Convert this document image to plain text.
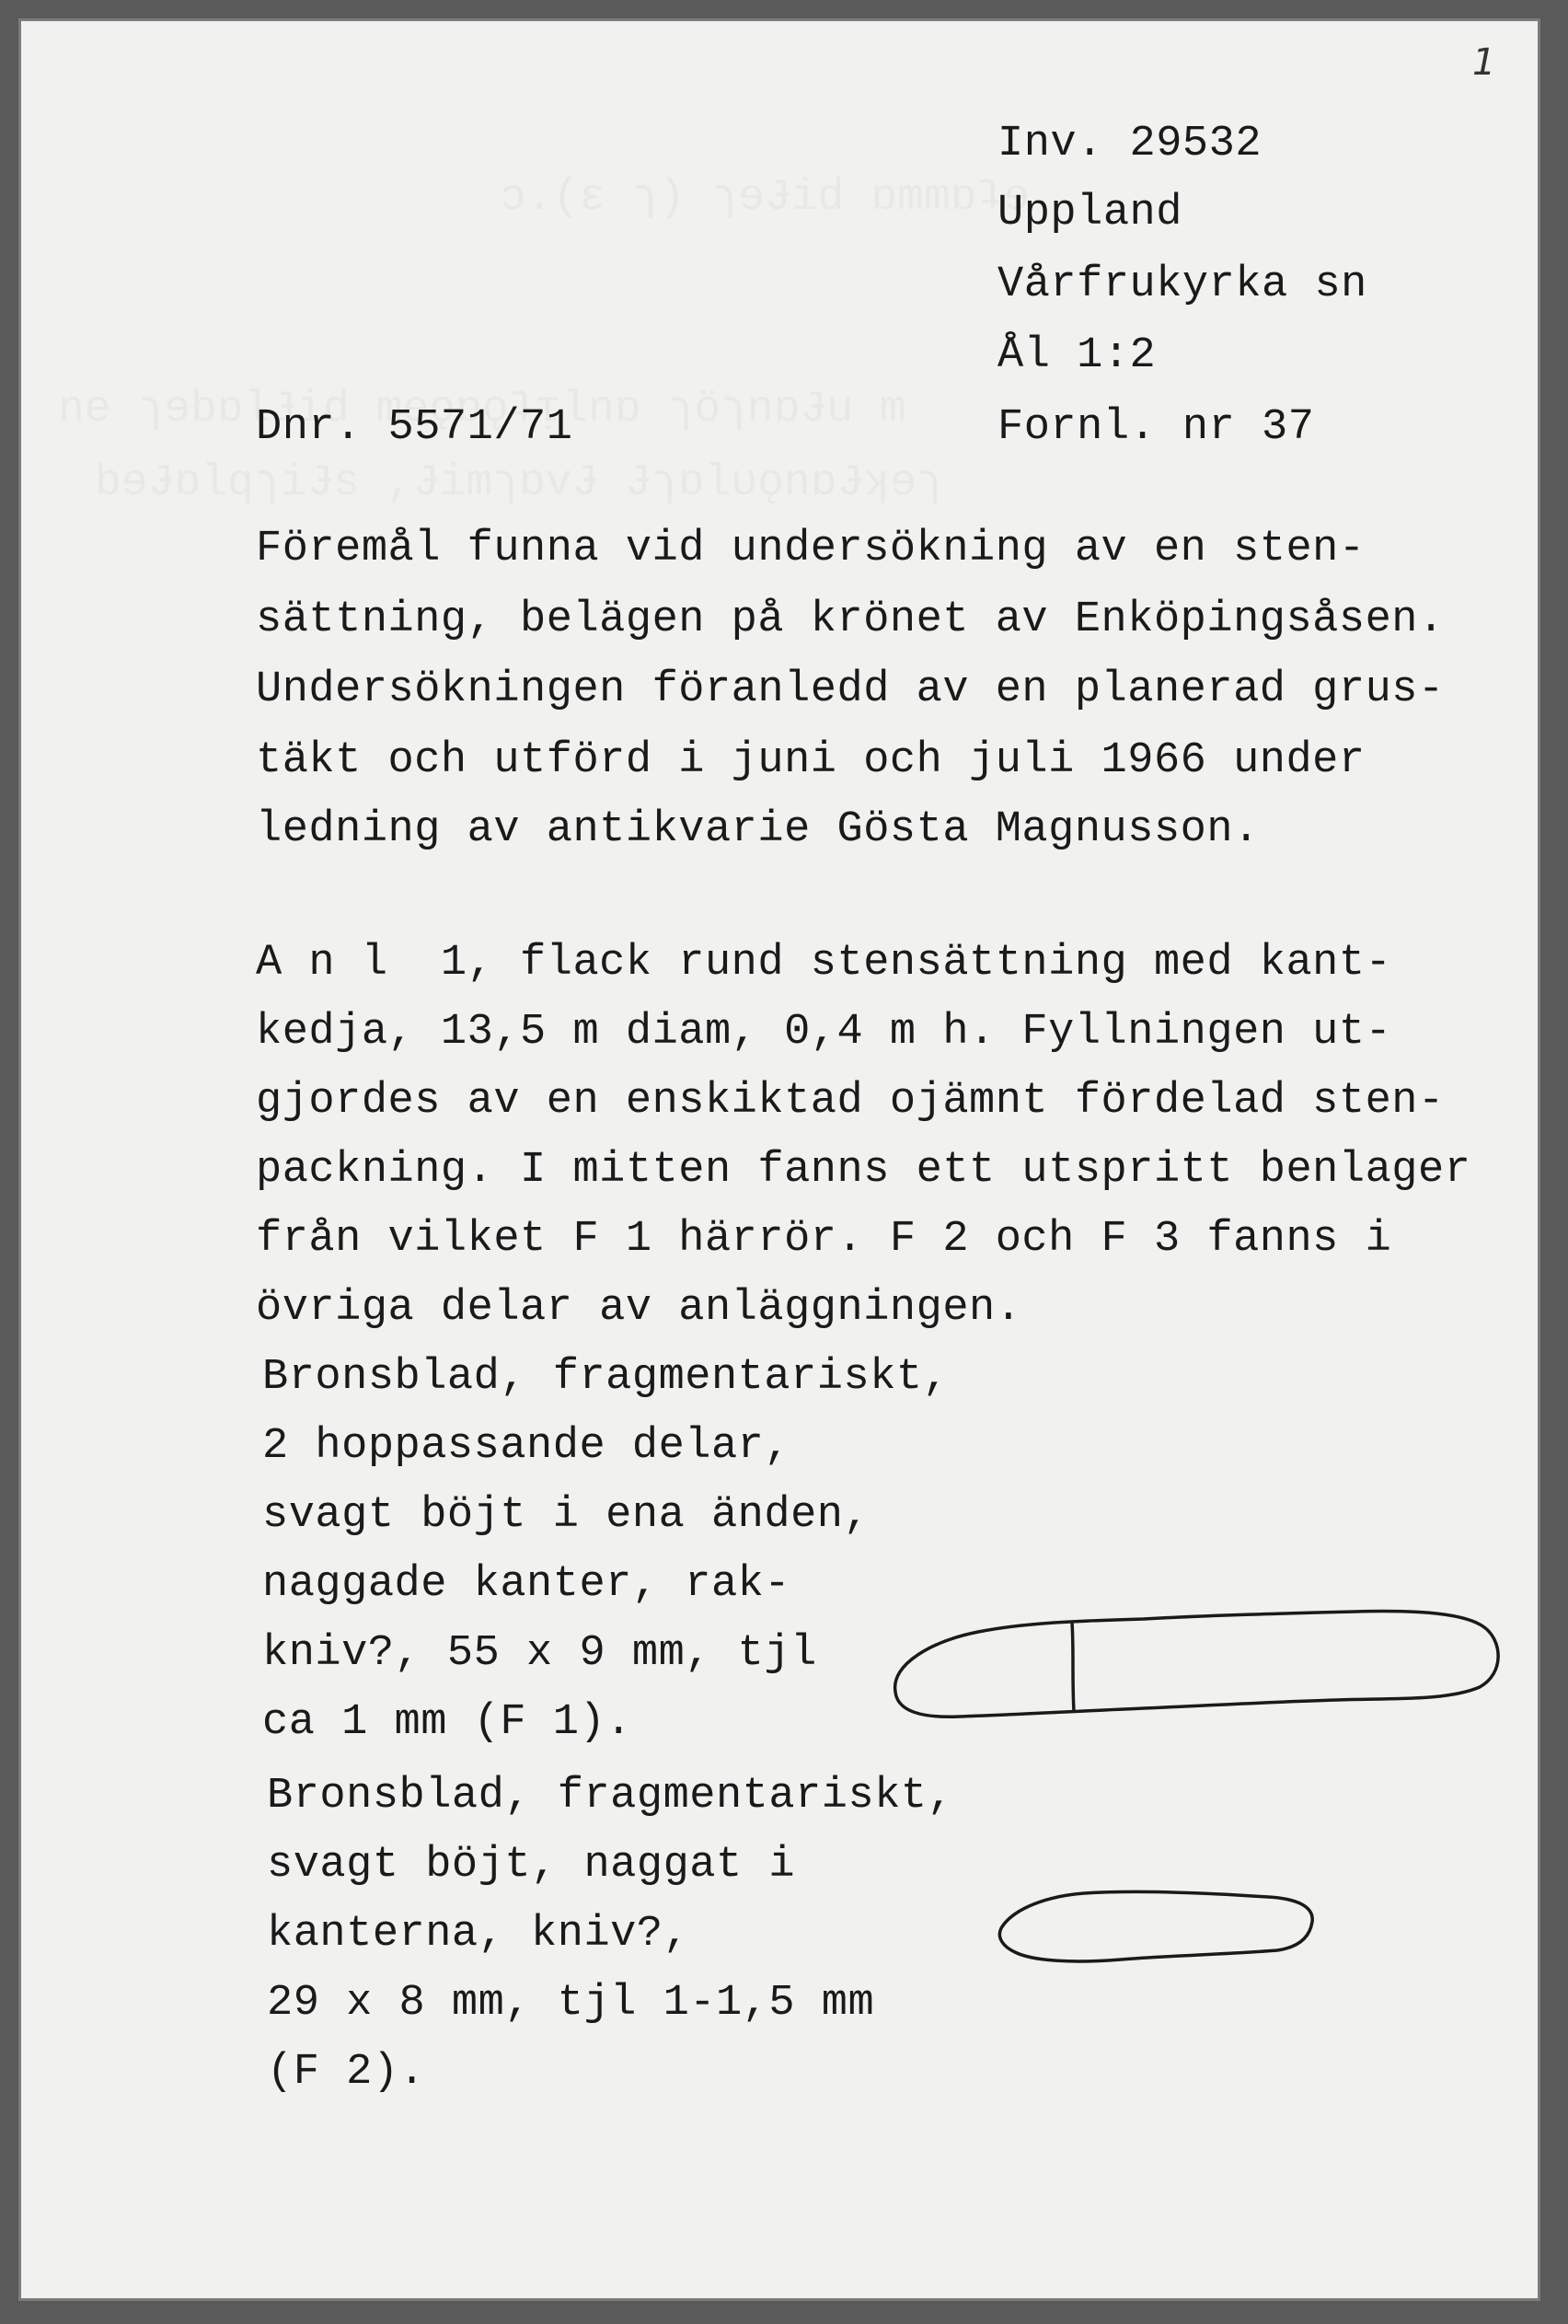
1
Inv. 29532
Uppland
Vårfrukyrka sn
Ål 1:2
Dnr. 5571/71	Fornl. nr 37
Föremål funna vid undersökning av en sten-
sättning, belägen på krönet av Enköpingsåsen.
Undersökningen föranledd av en planerad grus-
täkt och utförd i juni och juli 1966 under
ledning av antikvarie Gösta Magnusson.
A n l  1, flack rund stensättning med kant-
kedja, 13,5 m diam, 0,4 m h. Fyllningen ut-
gjordes av en enskiktad ojämnt fördelad sten-
packning. I mitten fanns ett utspritt benlager
från vilket F 1 härrör. F 2 och F 3 fanns i
övriga delar av anläggningen.
Bronsblad, fragmentariskt,
2 hoppassande delar,
svagt böjt i ena änden,
naggade kanter, rak-
kniv?, 55 x 9 mm, tjl
ca 1 mm (F 1).
Bronsblad, fragmentariskt,
svagt böjt, naggat i
kanterna, kniv?,
29 x 8 mm, tjl 1-1,5 mm
(F 2).
